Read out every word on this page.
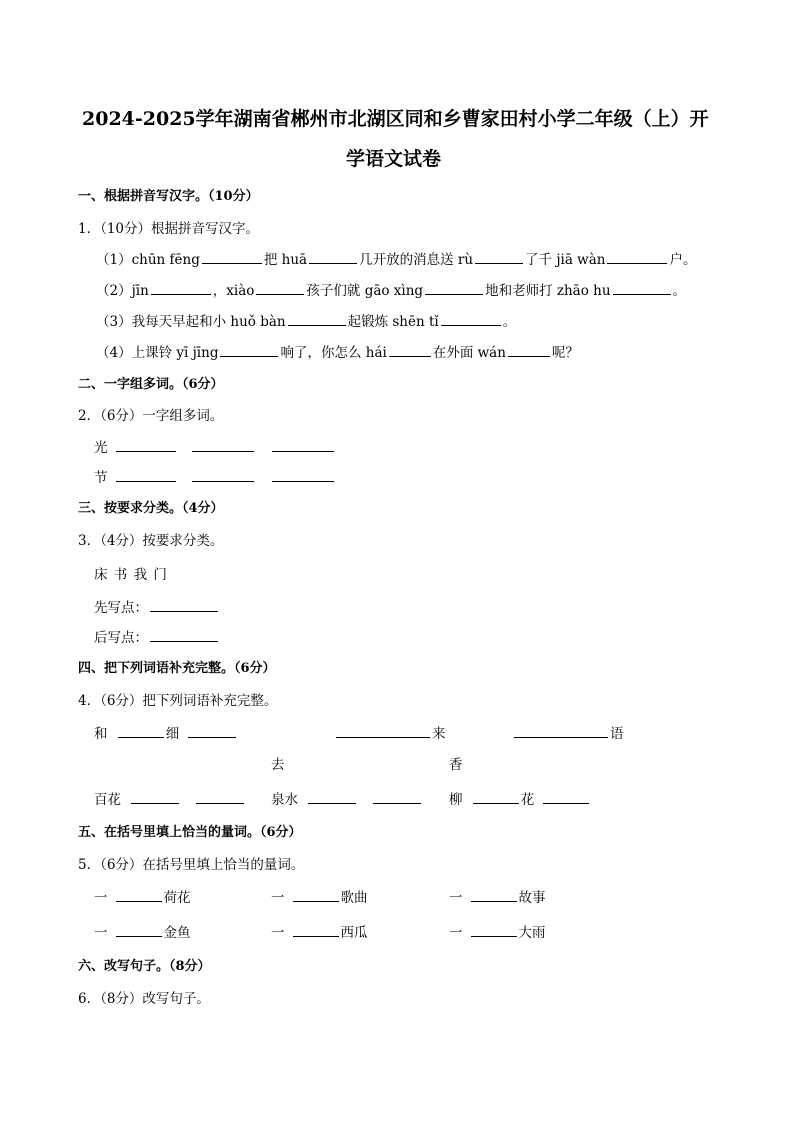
2024-2025学年湖南省郴州市北湖区同和乡曹家田村小学二年级（上）开
学语文试卷
一、根据拼音写汉字。（10分）
1．（10分）根据拼音写汉字。
（1）chūn fēng	把 huā	几开放的消息送 rù	了千 jiā wàn	户。
（2）jīn	，xiào	孩子们就 gāo xìng	地和老师打 zhāo hu	。
（3）我每天早起和小 huǒ bàn	起锻炼 shēn tǐ	。
（4）上课铃 yī jīng	响了，你怎么 hái	在外面 wán	呢？
二、一字组多词。（6分）
2．（6分）一字组多词。
光
节
三、按要求分类。（4分）
3．（4分）按要求分类。
床 书 我 门
先写点：
后写点：
四、把下列词语补充完整。（6分）
4．（6分）把下列词语补充完整。
和	细	来	语
去	香
百花	泉水	柳	花
五、在括号里填上恰当的量词。（6分）
5．（6分）在括号里填上恰当的量词。
一	荷花	一	歌曲	一	故事
一	金鱼	一	西瓜	一	大雨
六、改写句子。（8分）
6．（8分）改写句子。
